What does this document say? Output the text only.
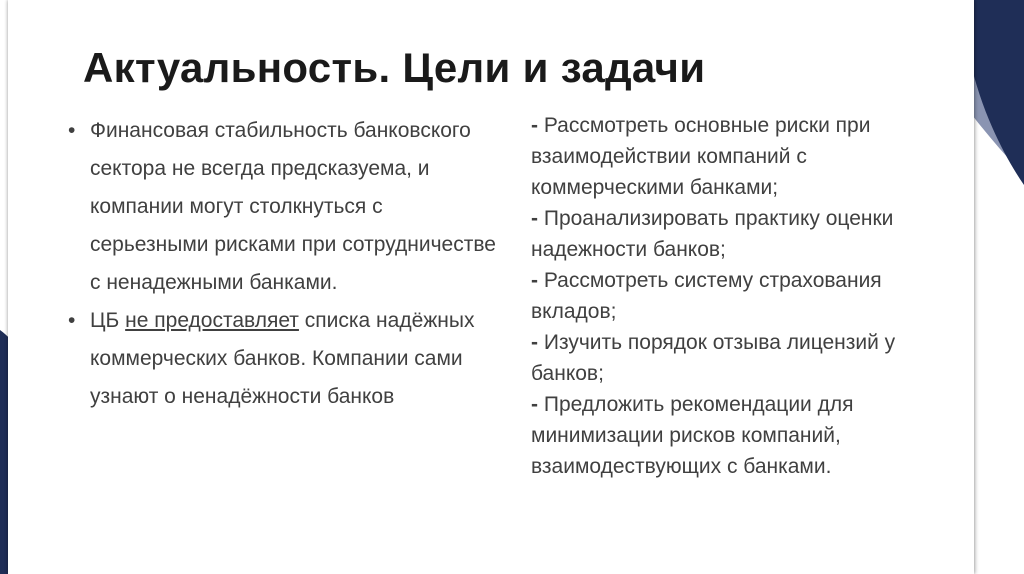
Актуальность. Цели и задачи
• Финансовая стабильность банковского сектора не всегда предсказуема, и компании могут столкнуться с серьезными рисками при сотрудничестве с ненадежными банками.
• ЦБ не предоставляет списка надёжных коммерческих банков. Компании сами узнают о ненадёжности банков
- Рассмотреть основные риски при взаимодействии компаний с коммерческими банками;
- Проанализировать практику оценки надежности банков;
- Рассмотреть систему страхования вкладов;
- Изучить порядок отзыва лицензий у банков;
- Предложить рекомендации для минимизации рисков компаний, взаимодествующих с банками.
